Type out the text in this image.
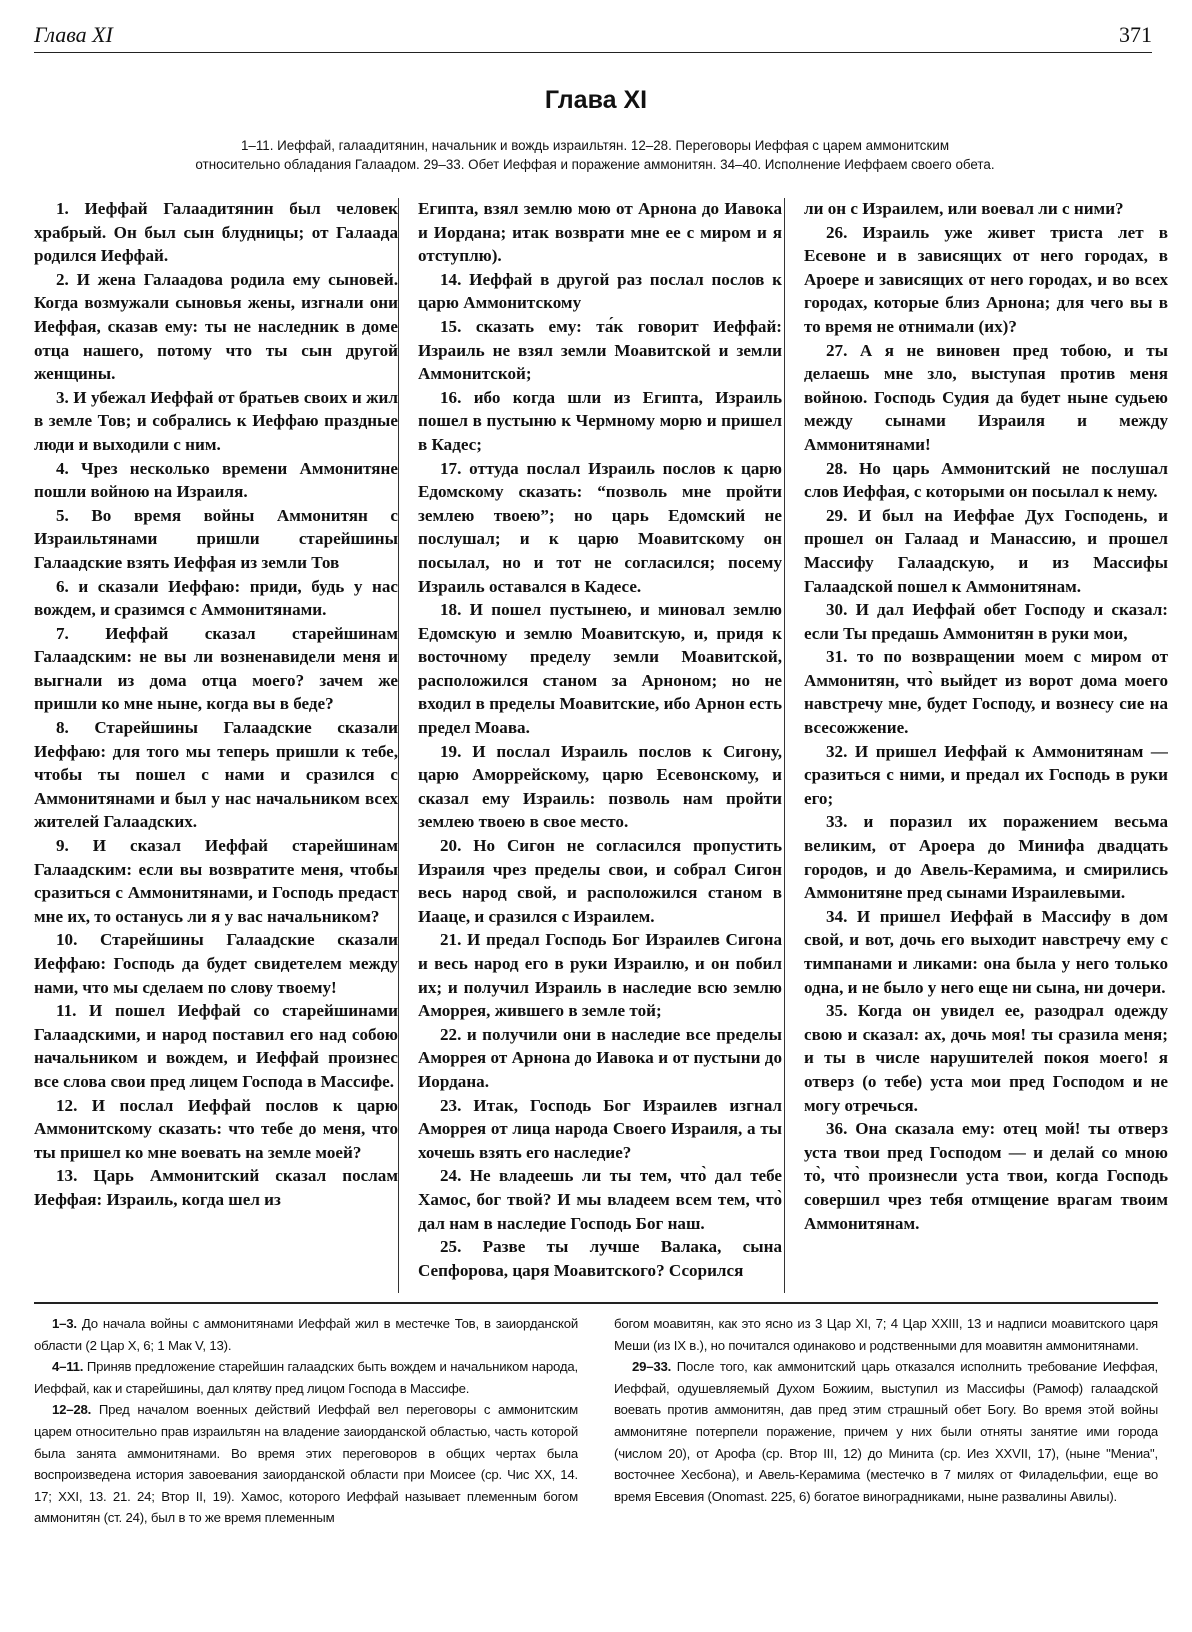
Глава XI	371
Глава XI
1–11. Иеффай, галаадитянин, начальник и вождь израильтян. 12–28. Переговоры Иеффая с царем аммонитским
относительно обладания Галаадом. 29–33. Обет Иеффая и поражение аммонитян. 34–40. Исполнение Иеффаем своего обета.

1. Иеффай Галаадитянин был человек храбрый. Он был сын блудницы; от Галаада родился Иеффай.

2. И жена Галаадова родила ему сыновей. Когда возмужали сыновья жены, изгнали они Иеффая, сказав ему: ты не наследник в доме отца нашего, потому что ты сын другой женщины.

3. И убежал Иеффай от братьев своих и жил в земле Тов; и собрались к Иеффаю праздные люди и выходили с ним.

4. Чрез несколько времени Аммонитяне пошли войною на Израиля.

5. Во время войны Аммонитян с Израильтянами пришли старейшины Галаадские взять Иеффая из земли Тов

6. и сказали Иеффаю: приди, будь у нас вождем, и сразимся с Аммонитянами.

7. Иеффай сказал старейшинам Галаадским: не вы ли возненавидели меня и выгнали из дома отца моего? зачем же пришли ко мне ныне, когда вы в беде?

8. Старейшины Галаадские сказали Иеффаю: для того мы теперь пришли к тебе, чтобы ты пошел с нами и сразился с Аммонитянами и был у нас начальником всех жителей Галаадских.

9. И сказал Иеффай старейшинам Галаадским: если вы возвратите меня, чтобы сразиться с Аммонитянами, и Господь предаст мне их, то останусь ли я у вас начальником?

10. Старейшины Галаадские сказали Иеффаю: Господь да будет свидетелем между нами, что мы сделаем по слову твоему!

11. И пошел Иеффай со старейшинами Галаадскими, и народ поставил его над собою начальником и вождем, и Иеффай произнес все слова свои пред лицем Господа в Массифе.

12. И послал Иеффай послов к царю Аммонитскому сказать: что тебе до меня, что ты пришел ко мне воевать на земле моей?

13. Царь Аммонитский сказал послам Иеффая: Израиль, когда шел из

Египта, взял землю мою от Арнона до Иавока и Иордана; итак возврати мне ее с миром и я отступлю).

14. Иеффай в другой раз послал послов к царю Аммонитскому

15. сказать ему: та́к говорит Иеффай: Израиль не взял земли Моавитской и земли Аммонитской;

16. ибо когда шли из Египта, Израиль пошел в пустыню к Чермному морю и пришел в Кадес;

17. оттуда послал Израиль послов к царю Едомскому сказать: “позволь мне пройти землею твоею”; но царь Едомский не послушал; и к царю Моавитскому он посылал, но и тот не согласился; посему Израиль оставался в Кадесе.

18. И пошел пустынею, и миновал землю Едомскую и землю Моавитскую, и, придя к восточному пределу земли Моавитской, расположился станом за Арноном; но не входил в пределы Моавитские, ибо Арнон есть предел Моава.

19. И послал Израиль послов к Сигону, царю Аморрейскому, царю Есевонскому, и сказал ему Израиль: позволь нам пройти землею твоею в свое место.

20. Но Сигон не согласился пропустить Израиля чрез пределы свои, и собрал Сигон весь народ свой, и расположился станом в Иааце, и сразился с Израилем.

21. И предал Господь Бог Израилев Сигона и весь народ его в руки Израилю, и он побил их; и получил Израиль в наследие всю землю Аморрея, жившего в земле той;

22. и получили они в наследие все пределы Аморрея от Арнона до Иавока и от пустыни до Иордана.

23. Итак, Господь Бог Израилев изгнал Аморрея от лица народа Своего Израиля, а ты хочешь взять его наследие?

24. Не владеешь ли ты тем, что̀ дал тебе Хамос, бог твой? И мы владеем всем тем, что̀ дал нам в наследие Господь Бог наш.

25. Разве ты лучше Валака, сына Сепфорова, царя Моавитского? Ссорился

ли он с Израилем, или воевал ли с ними?

26. Израиль уже живет триста лет в Есевоне и в зависящих от него городах, в Ароере и зависящих от него городах, и во всех городах, которые близ Арнона; для чего вы в то время не отнимали (их)?

27. А я не виновен пред тобою, и ты делаешь мне зло, выступая против меня войною. Господь Судия да будет ныне судьею между сынами Израиля и между Аммонитянами!

28. Но царь Аммонитский не послушал слов Иеффая, с которыми он посылал к нему.

29. И был на Иеффае Дух Господень, и прошел он Галаад и Манассию, и прошел Массифу Галаадскую, и из Массифы Галаадской пошел к Аммонитянам.

30. И дал Иеффай обет Господу и сказал: если Ты предашь Аммонитян в руки мои,

31. то по возвращении моем с миром от Аммонитян, что̀ выйдет из ворот дома моего навстречу мне, будет Господу, и вознесу сие на всесожжение.

32. И пришел Иеффай к Аммонитянам — сразиться с ними, и предал их Господь в руки его;

33. и поразил их поражением весьма великим, от Ароера до Минифа двадцать городов, и до Авель-Керамима, и смирились Аммонитяне пред сынами Израилевыми.

34. И пришел Иеффай в Массифу в дом свой, и вот, дочь его выходит навстречу ему с тимпанами и ликами: она была у него только одна, и не было у него еще ни сына, ни дочери.

35. Когда он увидел ее, разодрал одежду свою и сказал: ах, дочь моя! ты сразила меня; и ты в числе нарушителей покоя моего! я отверз (о тебе) уста мои пред Господом и не могу отречься.

36. Она сказала ему: отец мой! ты отверз уста твои пред Господом — и делай со мною то̀, что̀ произнесли уста твои, когда Господь совершил чрез тебя отмщение врагам твоим Аммонитянам.

1–3. До начала войны с аммонитянами Иеффай жил в местечке Тов, в заиорданской области (2 Цар X, 6; 1 Мак V, 13).

4–11. Приняв предложение старейшин галаадских быть вождем и начальником народа, Иеффай, как и старейшины, дал клятву пред лицом Господа в Массифе.

12–28. Пред началом военных действий Иеффай вел переговоры с аммонитским царем относительно прав израильтян на владение заиорданской областью, часть которой была занята аммонитянами. Во время этих переговоров в общих чертах была воспроизведена история завоевания заиорданской области при Моисее (ср. Чис XX, 14. 17; XXI, 13. 21. 24; Втор II, 19). Хамос, которого Иеффай называет племенным богом аммонитян (ст. 24), был в то же время племенным

богом моавитян, как это ясно из 3 Цар XI, 7; 4 Цар XXIII, 13 и надписи моавитского царя Меши (из IX в.), но почитался одинаково и родственными для моавитян аммонитянами.

29–33. После того, как аммонитский царь отказался исполнить требование Иеффая, Иеффай, одушевляемый Духом Божиим, выступил из Массифы (Рамоф) галаадской воевать против аммонитян, дав пред этим страшный обет Богу. Во время этой войны аммонитяне потерпели поражение, причем у них были отняты занятие ими города (числом 20), от Арофа (ср. Втор III, 12) до Минита (ср. Иез XXVII, 17), (ныне "Мениа", восточнее Хесбона), и Авель-Керамима (местечко в 7 милях от Филадельфии, еще во время Евсевия (Onomast. 225, 6) богатое виноградниками, ныне развалины Авилы).
